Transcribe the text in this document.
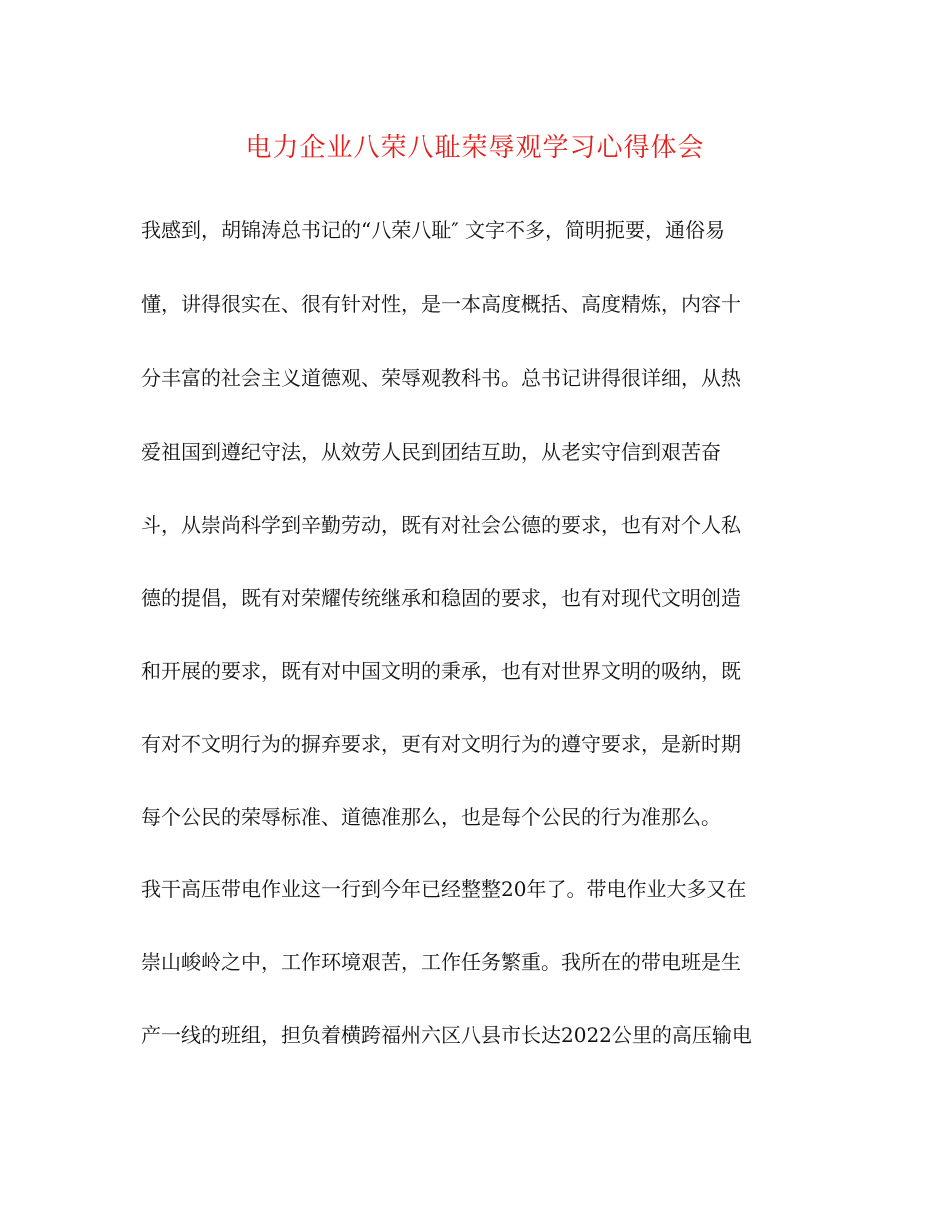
电力企业八荣八耻荣辱观学习心得体会
我感到，胡锦涛总书记的“八荣八耻″ 文字不多，简明扼要，通俗易
懂，讲得很实在、很有针对性，是一本高度概括、高度精炼，内容十
分丰富的社会主义道德观、荣辱观教科书。总书记讲得很详细，从热
爱祖国到遵纪守法，从效劳人民到团结互助，从老实守信到艰苦奋
斗，从崇尚科学到辛勤劳动，既有对社会公德的要求，也有对个人私
德的提倡，既有对荣耀传统继承和稳固的要求，也有对现代文明创造
和开展的要求，既有对中国文明的秉承，也有对世界文明的吸纳，既
有对不文明行为的摒弃要求，更有对文明行为的遵守要求，是新时期
每个公民的荣辱标准、道德准那么，也是每个公民的行为准那么。
我干高压带电作业这一行到今年已经整整20年了。带电作业大多又在
崇山峻岭之中，工作环境艰苦，工作任务繁重。我所在的带电班是生
产一线的班组，担负着横跨福州六区八县市长达2022公里的高压输电
